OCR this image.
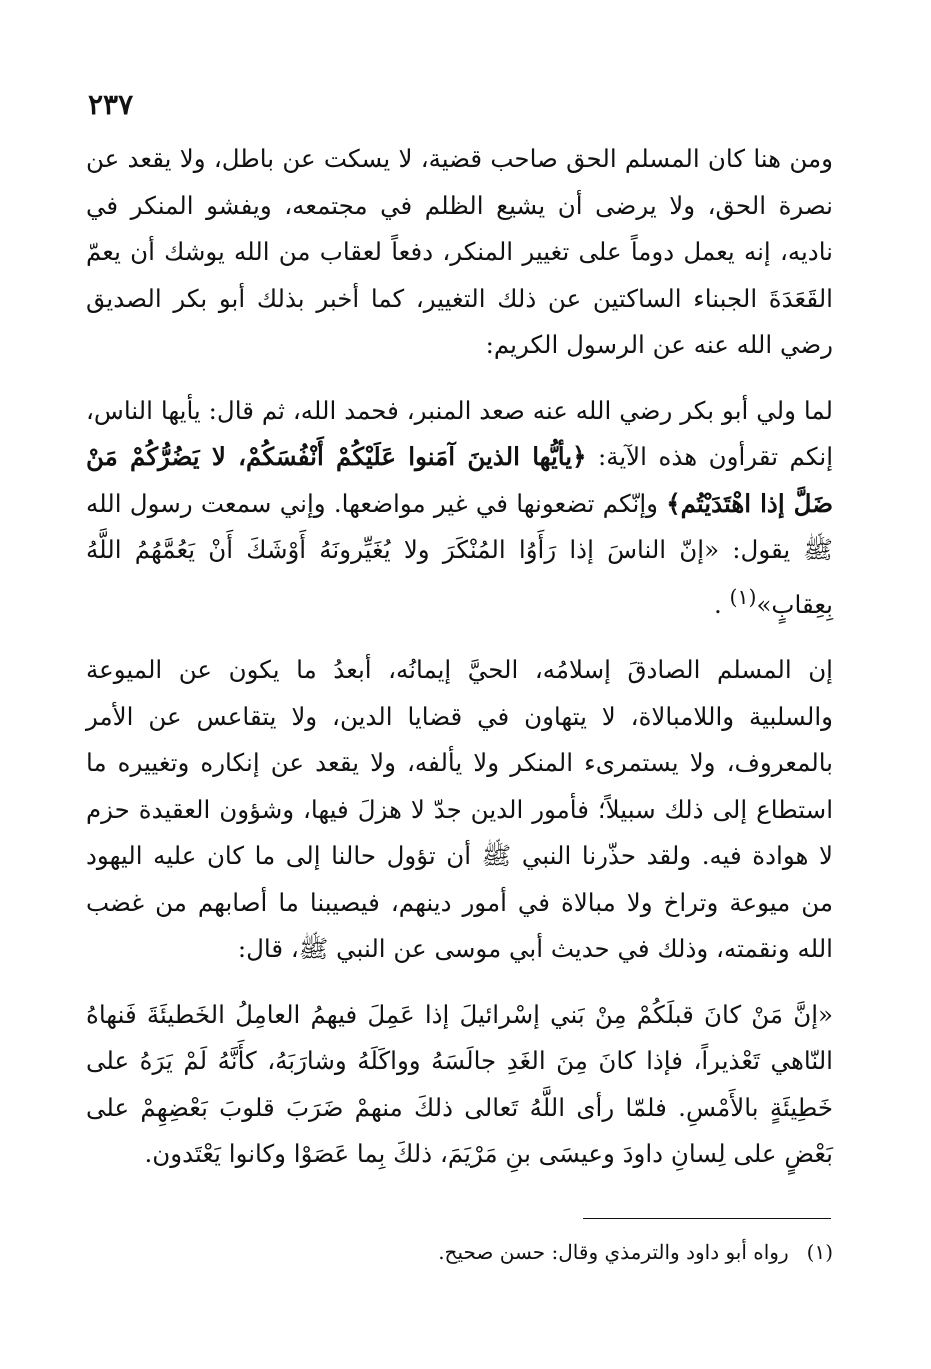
٢٣٧

ومن هنا كان المسلم الحق صاحب قضية، لا يسكت عن باطل، ولا يقعد عن نصرة الحق، ولا يرضى أن يشيع الظلم في مجتمعه، ويفشو المنكر في ناديه، إنه يعمل دوماً على تغيير المنكر، دفعاً لعقاب من الله يوشك أن يعمّ القَعَدَةَ الجبناء الساكتين عن ذلك التغيير، كما أخبر بذلك أبو بكر الصديق رضي الله عنه عن الرسول الكريم:

لما ولي أبو بكر رضي الله عنه صعد المنبر، فحمد الله، ثم قال: يأيها الناس، إنكم تقرأون هذه الآية: ﴿يأيُّها الذينَ آمَنوا عَلَيْكُمْ أَنْفُسَكُمْ، لا يَضُرُّكُمْ مَنْ ضَلَّ إذا اهْتَدَيْتُم﴾ وإنّكم تضعونها في غير مواضعها. وإني سمعت رسول الله ﷺ يقول: «إنّ الناسَ إذا رَأَوُا المُنْكَرَ ولا يُغَيِّرونَهُ أَوْشَكَ أَنْ يَعُمَّهُمُ اللَّهُ بِعِقابٍ»$^{(١)}$ .

إن المسلم الصادقَ إسلامُه، الحيَّ إيمانُه، أبعدُ ما يكون عن الميوعة والسلبية واللامبالاة، لا يتهاون في قضايا الدين، ولا يتقاعس عن الأمر بالمعروف، ولا يستمرىء المنكر ولا يألفه، ولا يقعد عن إنكاره وتغييره ما استطاع إلى ذلك سبيلاً؛ فأمور الدين جدّ لا هزلَ فيها، وشؤون العقيدة حزم لا هوادة فيه. ولقد حذّرنا النبي ﷺ أن تؤول حالنا إلى ما كان عليه اليهود من ميوعة وتراخ ولا مبالاة في أمور دينهم، فيصيبنا ما أصابهم من غضب الله ونقمته، وذلك في حديث أبي موسى عن النبي ﷺ، قال:

«إنَّ مَنْ كانَ قبلَكُمْ مِنْ بَني إسْرائيلَ إذا عَمِلَ فيهمُ العامِلُ الخَطيئَةَ فَنهاهُ النّاهي تَعْذيراً، فإذا كانَ مِنَ الغَدِ جالَسَهُ وواكَلَهُ وشارَبَهُ، كأَنَّهُ لَمْ يَرَهُ على خَطِيئَةٍ بالأَمْسِ. فلمّا رأى اللَّهُ تَعالى ذلكَ منهمْ ضَرَبَ قلوبَ بَعْضِهِمْ على بَعْضٍ على لِسانِ داودَ وعيسَى بنِ مَرْيَمَ، ذلكَ بِما عَصَوْا وكانوا يَعْتَدون.

(١)رواه أبو داود والترمذي وقال: حسن صحيح.
